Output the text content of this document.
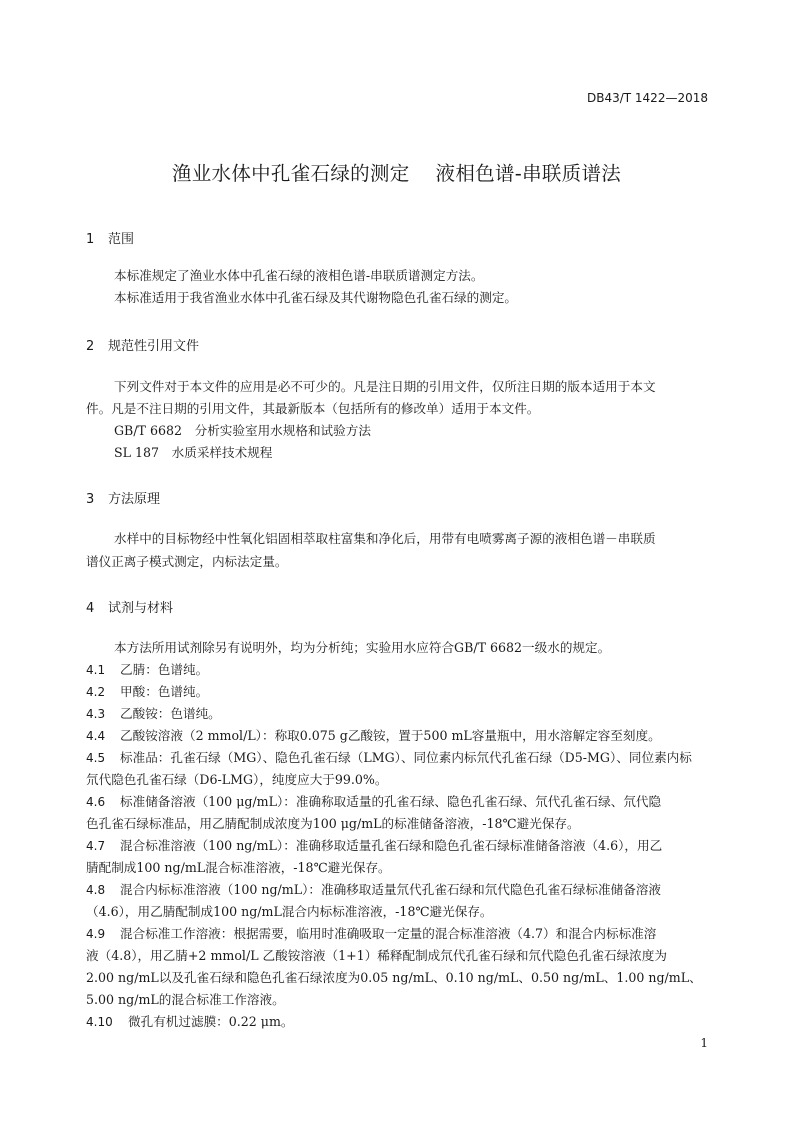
DB43/T 1422—2018
渔业水体中孔雀石绿的测定 液相色谱-串联质谱法
1 范围
本标准规定了渔业水体中孔雀石绿的液相色谱-串联质谱测定方法。
本标准适用于我省渔业水体中孔雀石绿及其代谢物隐色孔雀石绿的测定。
2 规范性引用文件
下列文件对于本文件的应用是必不可少的。凡是注日期的引用文件，仅所注日期的版本适用于本文
件。凡是不注日期的引用文件，其最新版本（包括所有的修改单）适用于本文件。
GB/T 6682　分析实验室用水规格和试验方法
SL 187　水质采样技术规程
3 方法原理
水样中的目标物经中性氧化铝固相萃取柱富集和净化后，用带有电喷雾离子源的液相色谱－串联质
谱仪正离子模式测定，内标法定量。
4 试剂与材料
本方法所用试剂除另有说明外，均为分析纯；实验用水应符合GB/T 6682一级水的规定。
4.1 乙腈：色谱纯。
4.2 甲酸：色谱纯。
4.3 乙酸铵：色谱纯。
4.4 乙酸铵溶液（2 mmol/L）：称取0.075 g乙酸铵，置于500 mL容量瓶中，用水溶解定容至刻度。
4.5 标准品：孔雀石绿（MG）、隐色孔雀石绿（LMG）、同位素内标氘代孔雀石绿（D5-MG）、同位素内标
氘代隐色孔雀石绿（D6-LMG），纯度应大于99.0%。
4.6 标准储备溶液（100 μg/mL）：准确称取适量的孔雀石绿、隐色孔雀石绿、氘代孔雀石绿、氘代隐
色孔雀石绿标准品，用乙腈配制成浓度为100 μg/mL的标准储备溶液，-18℃避光保存。
4.7 混合标准溶液（100 ng/mL）：准确移取适量孔雀石绿和隐色孔雀石绿标准储备溶液（4.6），用乙
腈配制成100 ng/mL混合标准溶液，-18℃避光保存。
4.8 混合内标标准溶液（100 ng/mL）：准确移取适量氘代孔雀石绿和氘代隐色孔雀石绿标准储备溶液
（4.6），用乙腈配制成100 ng/mL混合内标标准溶液，-18℃避光保存。
4.9 混合标准工作溶液：根据需要，临用时准确吸取一定量的混合标准溶液（4.7）和混合内标标准溶
液（4.8），用乙腈+2 mmol/L 乙酸铵溶液（1+1）稀释配制成氘代孔雀石绿和氘代隐色孔雀石绿浓度为
2.00 ng/mL以及孔雀石绿和隐色孔雀石绿浓度为0.05 ng/mL、0.10 ng/mL、0.50 ng/mL、1.00 ng/mL、
5.00 ng/mL的混合标准工作溶液。
4.10 微孔有机过滤膜：0.22 μm。
1
